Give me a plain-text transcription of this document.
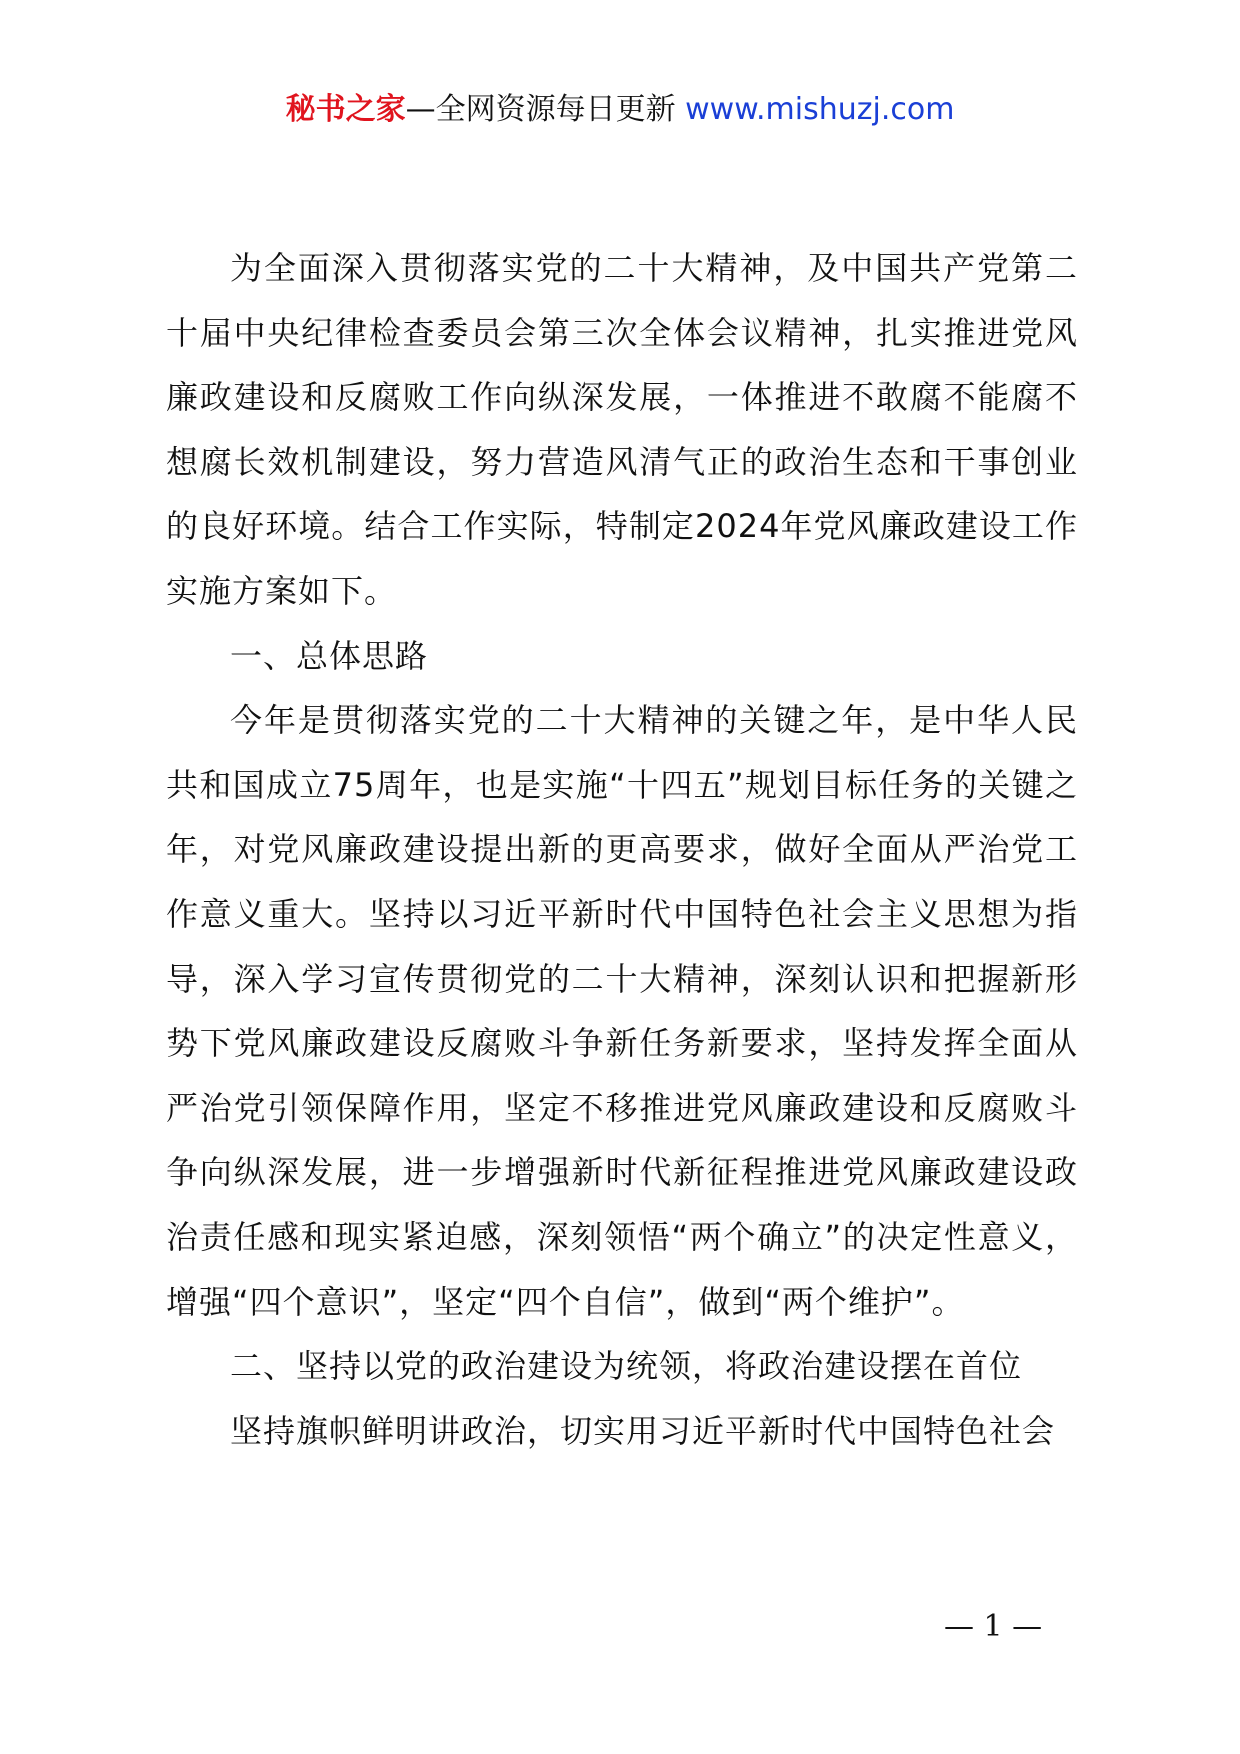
秘书之家—全网资源每日更新 www.mishuzj.com

为全面深入贯彻落实党的二十大精神，及中国共产党第二十届中央纪律检查委员会第三次全体会议精神，扎实推进党风廉政建设和反腐败工作向纵深发展，一体推进不敢腐不能腐不想腐长效机制建设，努力营造风清气正的政治生态和干事创业的良好环境。结合工作实际，特制定2024年党风廉政建设工作实施方案如下。

一、总体思路

今年是贯彻落实党的二十大精神的关键之年，是中华人民共和国成立75周年，也是实施“十四五”规划目标任务的关键之年，对党风廉政建设提出新的更高要求，做好全面从严治党工作意义重大。坚持以习近平新时代中国特色社会主义思想为指导，深入学习宣传贯彻党的二十大精神，深刻认识和把握新形势下党风廉政建设反腐败斗争新任务新要求，坚持发挥全面从严治党引领保障作用，坚定不移推进党风廉政建设和反腐败斗争向纵深发展，进一步增强新时代新征程推进党风廉政建设政治责任感和现实紧迫感，深刻领悟“两个确立”的决定性意义，增强“四个意识”，坚定“四个自信”，做到“两个维护”。

二、坚持以党的政治建设为统领，将政治建设摆在首位

坚持旗帜鲜明讲政治，切实用习近平新时代中国特色社会

— 1 —
